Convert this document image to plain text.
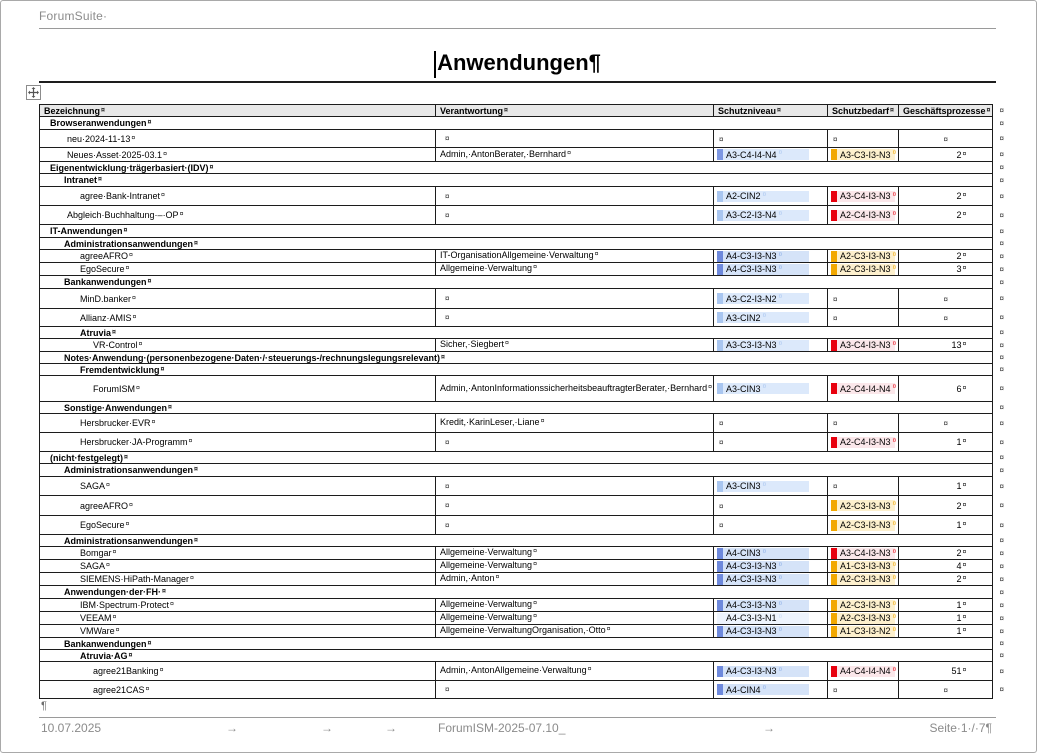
ForumSuite·
Anwendungen¶
Bezeichnung¤	Verantwortung¤	Schutzniveau¤	Schutzbedarf¤	Geschäftsprozesse¤	¤
Browseranwendungen¤					¤
neu·2024-11-13¤	¤	¤	¤	¤	¤
Neues·Asset·2025-03.1¤	Admin,·AntonBerater,·Bernhard¤	A3-C4-I4-N4 ¤	A3-C3-I3-N3 ¤	2¤	¤
Eigenentwicklung·trägerbasiert·(IDV)¤					¤
Intranet¤					¤
agree·Bank-Intranet¤	¤	A2-CIN2 ¤	A3-C4-I3-N3 ¤	2¤	¤
Abgleich·Buchhaltung·–·OP¤	¤	A3-C2-I3-N4 ¤	A2-C4-I3-N3 ¤	2¤	¤
IT-Anwendungen¤					¤
Administrationsanwendungen¤					¤
agreeAFRO¤	IT-OrganisationAllgemeine·Verwaltung¤	A4-C3-I3-N3 ¤	A2-C3-I3-N3 ¤	2¤	¤
EgoSecure¤	Allgemeine·Verwaltung¤	A4-C3-I3-N3 ¤	A2-C3-I3-N3 ¤	3¤	¤
Bankanwendungen¤					¤
MinD.banker¤	¤	A3-C2-I3-N2 ¤	¤	¤	¤
Allianz·AMIS¤	¤	A3-CIN2 ¤	¤	¤	¤
Atruvia¤					¤
VR-Control¤	Sicher,·Siegbert¤	A3-C3-I3-N3 ¤	A3-C4-I3-N3 ¤	13¤	¤
Notes·Anwendung·(personenbezogene·Daten·/·steuerungs-/rechnungslegungsrelevant)¤					¤
Fremdentwicklung¤					¤
ForumISM¤	Admin,·AntonInformationssicherheitsbeauftragterBerater,·Bernhard¤	A3-CIN3 ¤	A2-C4-I4-N4 ¤	6¤	¤
Sonstige·Anwendungen¤					¤
Hersbrucker·EVR¤	Kredit,·KarinLeser,·Liane¤	¤	¤	¤	¤
Hersbrucker·JA-Programm¤	¤	¤	A2-C4-I3-N3 ¤	1¤	¤
(nicht·festgelegt)¤					¤
Administrationsanwendungen¤					¤
SAGA¤	¤	A3-CIN3 ¤	¤	1¤	¤
agreeAFRO¤	¤	¤	A2-C3-I3-N3 ¤	2¤	¤
EgoSecure¤	¤	¤	A2-C3-I3-N3 ¤	1¤	¤
Administrationsanwendungen¤					¤
Bomgar¤	Allgemeine·Verwaltung¤	A4-CIN3 ¤	A3-C4-I3-N3 ¤	2¤	¤
SAGA¤	Allgemeine·Verwaltung¤	A4-C3-I3-N3 ¤	A1-C3-I3-N3 ¤	4¤	¤
SIEMENS·HiPath-Manager¤	Admin,·Anton¤	A4-C3-I3-N3 ¤	A2-C3-I3-N3 ¤	2¤	¤
Anwendungen·der·FH·¤					¤
IBM·Spectrum·Protect¤	Allgemeine·Verwaltung¤	A4-C3-I3-N3 ¤	A2-C3-I3-N3 ¤	1¤	¤
VEEAM¤	Allgemeine·Verwaltung¤	A4-C3-I3-N1 ¤	A2-C3-I3-N3 ¤	1¤	¤
VMWare¤	Allgemeine·VerwaltungOrganisation,·Otto¤	A4-C3-I3-N3 ¤	A1-C3-I3-N2 ¤	1¤	¤
Bankanwendungen¤					¤
Atruvia·AG¤					¤
agree21Banking¤	Admin,·AntonAllgemeine·Verwaltung¤	A4-C3-I3-N3 ¤	A4-C4-I4-N4 ¤	51¤	¤
agree21CAS¤	¤	A4-CIN4 ¤	¤	¤	¤
¶
10.07.2025	→	→	→	ForumISM-2025-07.10_	→	Seite·1·/·7¶
